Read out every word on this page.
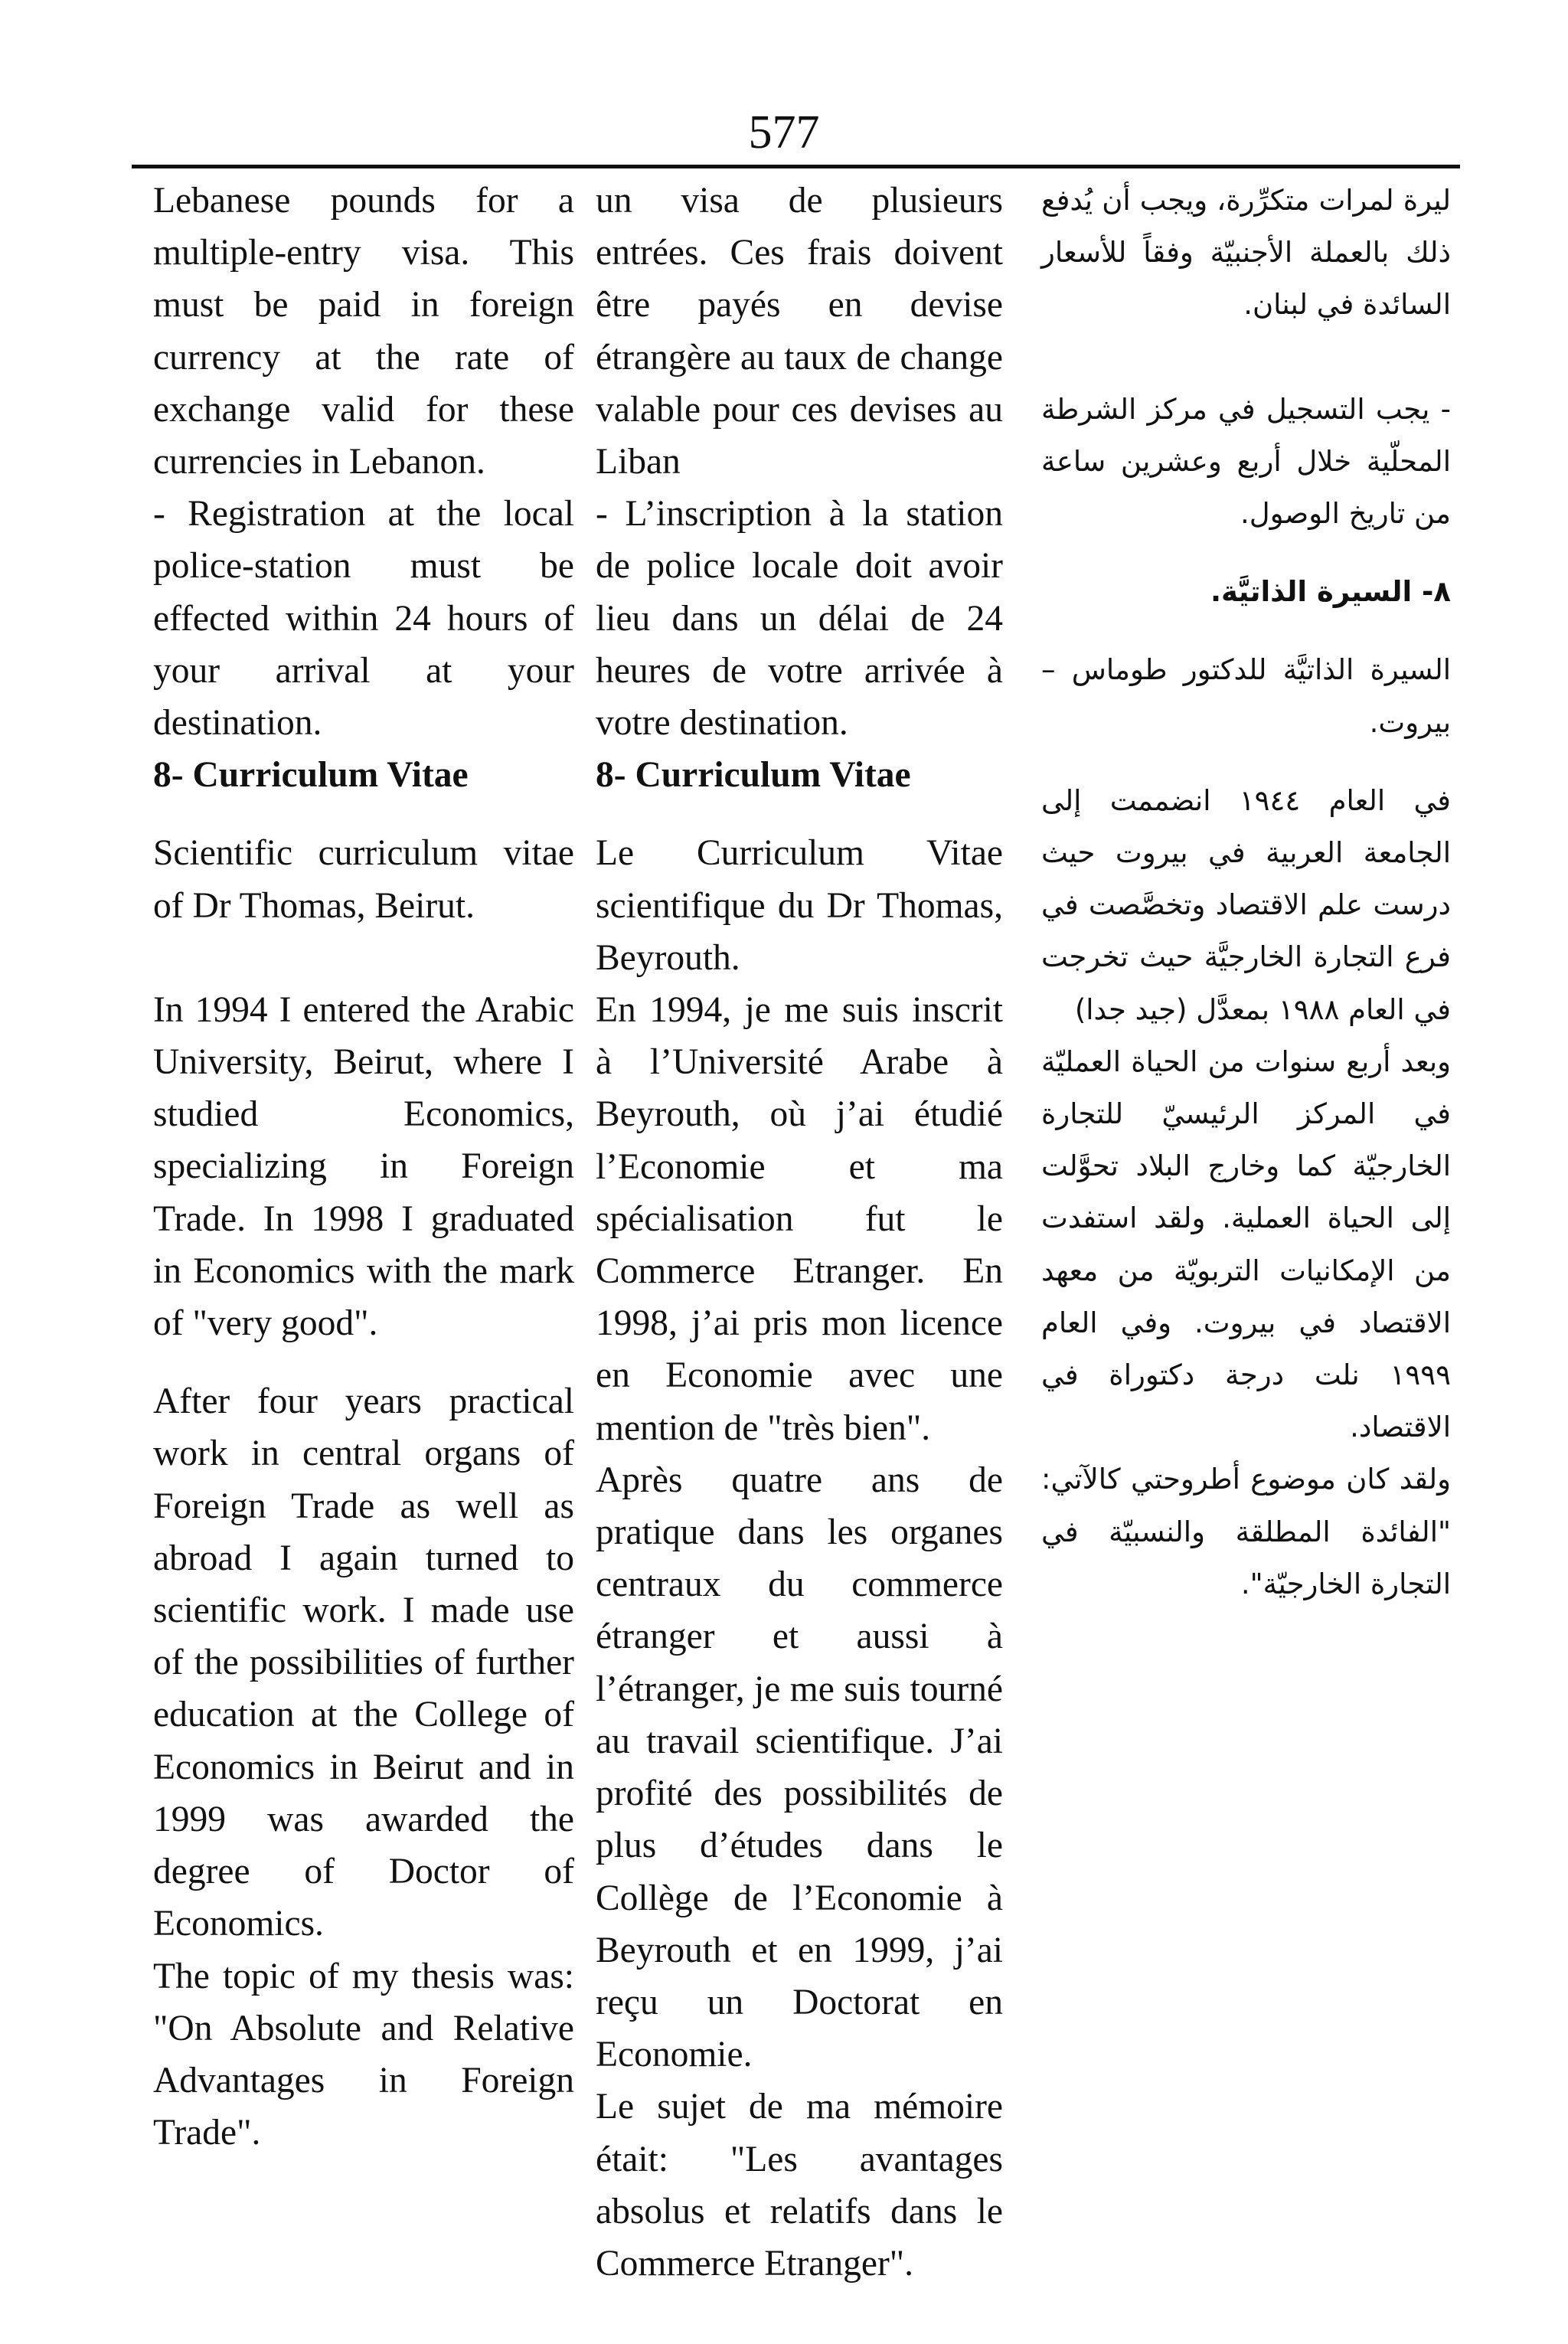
577

Lebanese pounds for a multiple-entry visa. This must be paid in foreign currency at the rate of exchange valid for these currencies in Lebanon.

- Registration at the local police-station must be effected within 24 hours of your arrival at your destination.

8- Curriculum Vitae

Scientific curriculum vitae of Dr Thomas, Beirut.

In 1994 I entered the Arabic University, Beirut, where I studied Economics, specializing in Foreign Trade. In 1998 I graduated in Economics with the mark of "very good".

After four years practical work in central organs of Foreign Trade as well as abroad I again turned to scientific work. I made use of the possibilities of further education at the College of Economics in Beirut and in 1999 was awarded the degree of Doctor of Economics.

The topic of my thesis was: "On Absolute and Relative Advantages in Foreign Trade".

un visa de plusieurs entrées. Ces frais doivent être payés en devise étrangère au taux de change valable pour ces devises au Liban

- L’inscription à la station de police locale doit avoir lieu dans un délai de 24 heures de votre arrivée à votre destination.

8- Curriculum Vitae

Le Curriculum Vitae scientifique du Dr Thomas, Beyrouth.

En 1994, je me suis inscrit à l’Université Arabe à Beyrouth, où j’ai étudié l’Economie et ma spécialisation fut le Commerce Etranger. En 1998, j’ai pris mon licence en Economie avec une mention de "très bien".

Après quatre ans de pratique dans les organes centraux du commerce étranger et aussi à l’étranger, je me suis tourné au travail scientifique. J’ai profité des possibilités de plus d’études dans le Collège de l’Economie à Beyrouth et en 1999, j’ai reçu un Doctorat en Economie.

Le sujet de ma mémoire était: "Les avantages absolus et relatifs dans le Commerce Etranger".

ليرة لمرات متكرِّرة، ويجب أن يُدفع ذلك بالعملة الأجنبيّة وفقاً للأسعار السائدة في لبنان.

- يجب التسجيل في مركز الشرطة المحلّية خلال أربع وعشرين ساعة من تاريخ الوصول.

٨- السيرة الذاتيَّة.

السيرة الذاتيَّة للدكتور طوماس – بيروت.

في العام ١٩٤٤ انضممت إلى الجامعة العربية في بيروت حيث درست علم الاقتصاد وتخصَّصت في فرع التجارة الخارجيَّة حيث تخرجت في العام ١٩٨٨ بمعدَّل (جيد جدا)

وبعد أربع سنوات من الحياة العمليّة في المركز الرئيسيّ للتجارة الخارجيّة كما وخارج البلاد تحوَّلت إلى الحياة العملية. ولقد استفدت من الإمكانيات التربويّة من معهد الاقتصاد في بيروت. وفي العام ١٩٩٩ نلت درجة دكتوراة في الاقتصاد.

ولقد كان موضوع أطروحتي كالآتي: "الفائدة المطلقة والنسبيّة في التجارة الخارجيّة".
